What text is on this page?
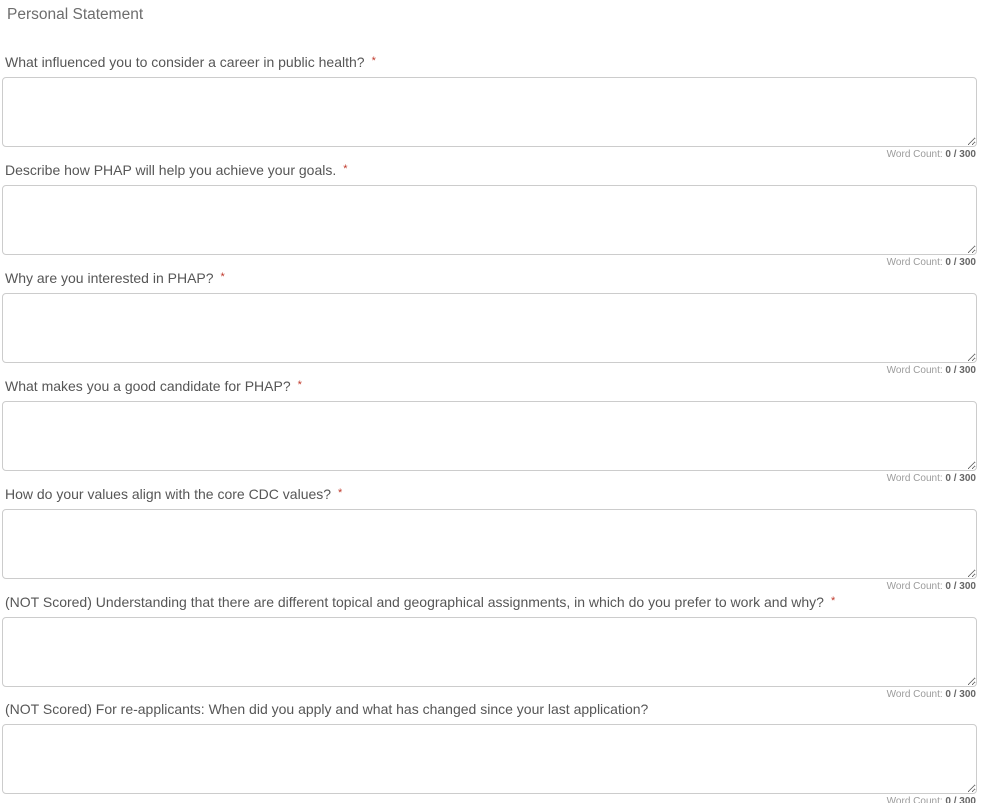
Personal Statement
What influenced you to consider a career in public health? *
Word Count: 0 / 300
Describe how PHAP will help you achieve your goals. *
Word Count: 0 / 300
Why are you interested in PHAP? *
Word Count: 0 / 300
What makes you a good candidate for PHAP? *
Word Count: 0 / 300
How do your values align with the core CDC values? *
Word Count: 0 / 300
(NOT Scored) Understanding that there are different topical and geographical assignments, in which do you prefer to work and why? *
Word Count: 0 / 300
(NOT Scored) For re-applicants: When did you apply and what has changed since your last application?
Word Count: 0 / 300
